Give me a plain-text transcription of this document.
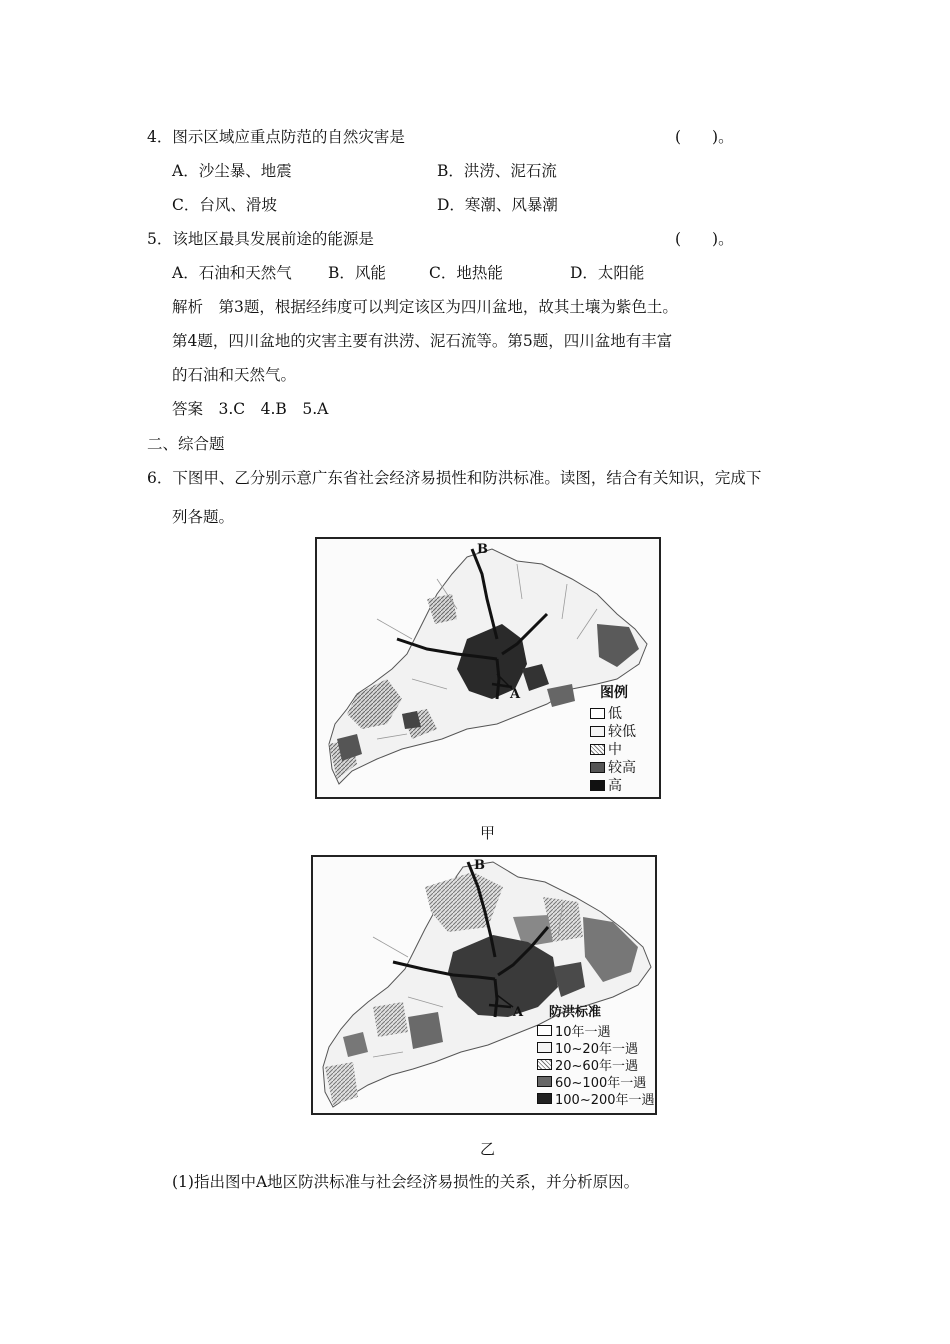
4．图示区域应重点防范的自然灾害是	(　　)。
A．沙尘暴、地震	B．洪涝、泥石流
C．台风、滑坡	D．寒潮、风暴潮
5．该地区最具发展前途的能源是	(　　)。
A．石油和天然气 B．风能	C．地热能	D．太阳能
解析　第3题，根据经纬度可以判定该区为四川盆地，故其土壤为紫色土。
第4题，四川盆地的灾害主要有洪涝、泥石流等。第5题，四川盆地有丰富
的石油和天然气。
答案　3.C　4.B　5.A
二、综合题
6．下图甲、乙分别示意广东省社会经济易损性和防洪标准。读图，结合有关知识，完成下
列各题。
B
A	图例
低
较低
中
较高
高
甲
B
A	防洪标准
10年一遇
10~20年一遇
20~60年一遇
60~100年一遇
100~200年一遇
乙
(1)指出图中A地区防洪标准与社会经济易损性的关系，并分析原因。
